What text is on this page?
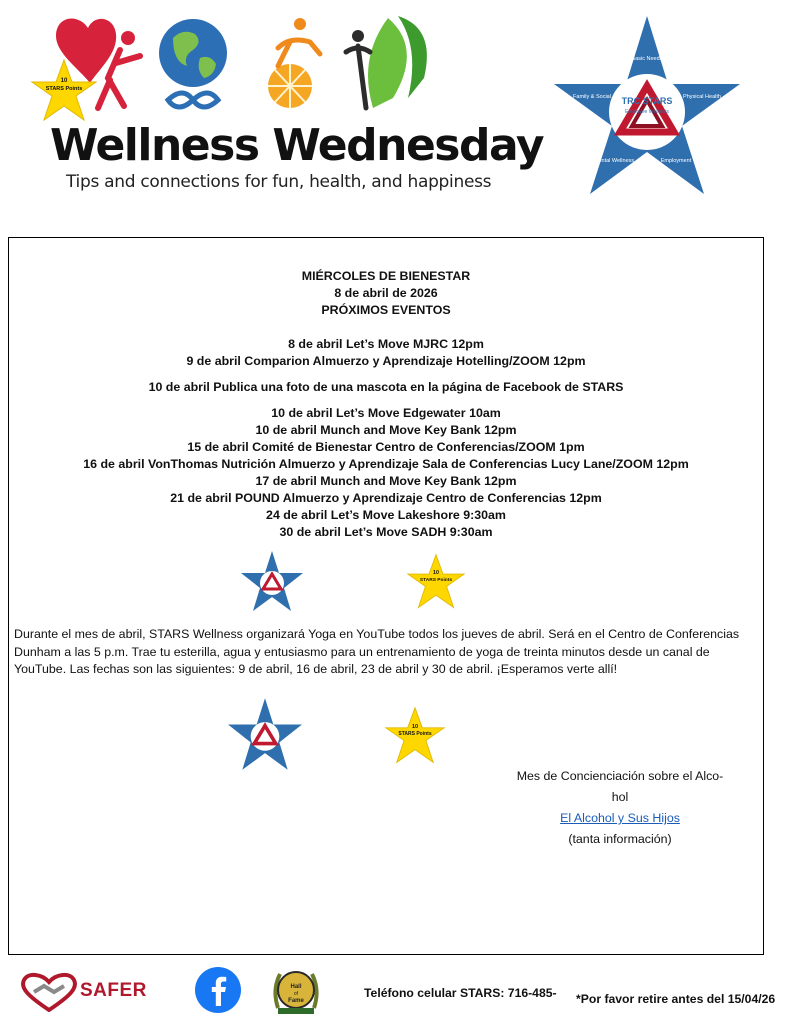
10
STARS Points
Wellness Wednesday
Tips and connections for fun, health, and happiness
TRC STARS
Employee Wellness
Basic Needs
Physical Health
Employment
Mental Wellness
Family & Social
MIÉRCOLES DE BIENESTAR
8 de abril de 2026
PRÓXIMOS EVENTOS
8 de abril Let’s Move MJRC 12pm
9 de abril Comparion Almuerzo y Aprendizaje Hotelling/ZOOM 12pm
10 de abril Publica una foto de una mascota en la página de Facebook de STARS
10 de abril Let’s Move Edgewater 10am
10 de abril Munch and Move Key Bank 12pm
15 de abril Comité de Bienestar Centro de Conferencias/ZOOM 1pm
16 de abril VonThomas Nutrición Almuerzo y Aprendizaje Sala de Conferencias Lucy Lane/ZOOM 12pm
17 de abril Munch and Move Key Bank 12pm
21 de abril POUND Almuerzo y Aprendizaje Centro de Conferencias 12pm
24 de abril Let’s Move Lakeshore 9:30am
30 de abril Let’s Move SADH 9:30am
10
STARS Points
Durante el mes de abril, STARS Wellness organizará Yoga en YouTube todos los jueves de abril. Será en el Centro de Conferencias Dunham a las 5 p.m. Trae tu esterilla, agua y entusiasmo para un entrenamiento de yoga de treinta minutos desde un canal de YouTube. Las fechas son las siguientes: 9 de abril, 16 de abril, 23 de abril y 30 de abril. ¡Esperamos verte allí!
10
STARS Points
Mes de Concienciación sobre el Alco-
hol
El Alcohol y Sus Hijos
(tanta información)
SAFER	Hall
of
Fame
Teléfono celular STARS: 716-485- *Por favor retire antes del 15/04/26
